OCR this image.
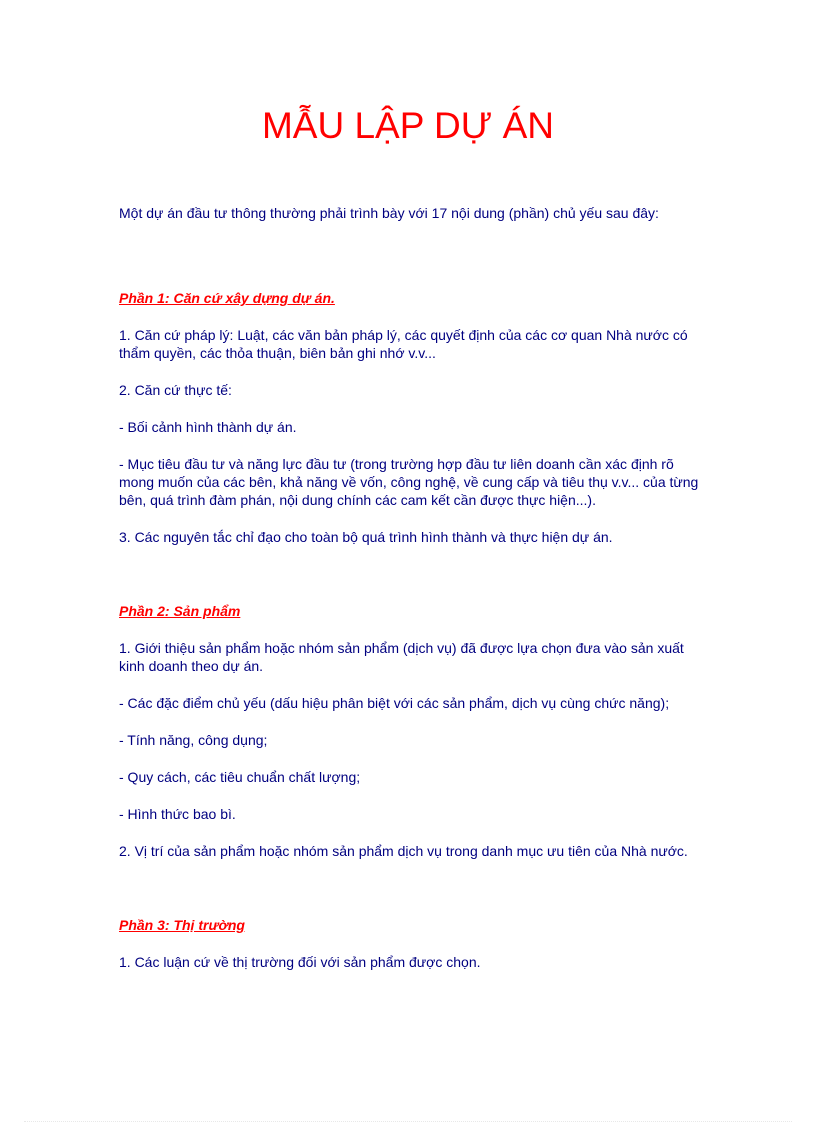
MẪU LẬP DỰ ÁN

Một dự án đầu tư thông thường phải trình bày với 17 nội dung (phần) chủ yếu sau đây:

Phần 1: Căn cứ xây dựng dự án.

1. Căn cứ pháp lý: Luật, các văn bản pháp lý, các quyết định của các cơ quan Nhà nước có thẩm quyền, các thỏa thuận, biên bản ghi nhớ v.v...

2. Căn cứ thực tế:

- Bối cảnh hình thành dự án.

- Mục tiêu đầu tư và năng lực đầu tư (trong trường hợp đầu tư liên doanh cần xác định rõ mong muốn của các bên, khả năng về vốn, công nghệ, về cung cấp và tiêu thụ v.v... của từng bên, quá trình đàm phán, nội dung chính các cam kết cần được thực hiện...).

3. Các nguyên tắc chỉ đạo cho toàn bộ quá trình hình thành và thực hiện dự án.

Phần 2: Sản phẩm

1. Giới thiệu sản phẩm hoặc nhóm sản phẩm (dịch vụ) đã được lựa chọn đưa vào sản xuất kinh doanh theo dự án.

- Các đặc điểm chủ yếu (dấu hiệu phân biệt với các sản phẩm, dịch vụ cùng chức năng);

- Tính năng, công dụng;

- Quy cách, các tiêu chuẩn chất lượng;

- Hình thức bao bì.

2. Vị trí của sản phẩm hoặc nhóm sản phẩm dịch vụ trong danh mục ưu tiên của Nhà nước.

Phần 3: Thị trường

1. Các luận cứ về thị trường đối với sản phẩm được chọn.
